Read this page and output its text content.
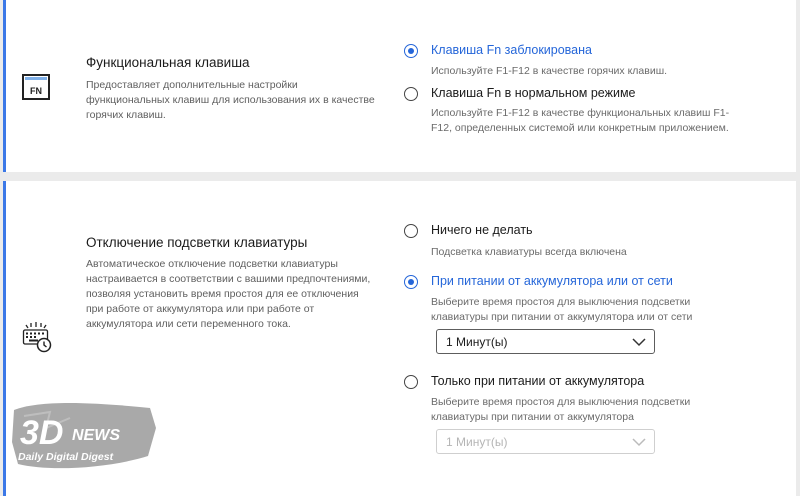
FN
Функциональная клавиша
Предоставляет дополнительные настройки функциональных клавиш для использования их в качестве горячих клавиш.
Клавиша Fn заблокирована
Используйте F1-F12 в качестве горячих клавиш.
Клавиша Fn в нормальном режиме
Используйте F1-F12 в качестве функциональных клавиш F1-F12, определенных системой или конкретным приложением.
Отключение подсветки клавиатуры
Автоматическое отключение подсветки клавиатуры настраивается в соответствии с вашими предпочтениями, позволяя установить время простоя для ее отключения при работе от аккумулятора или при работе от аккумулятора или сети переменного тока.
Ничего не делать
Подсветка клавиатуры всегда включена
При питании от аккумулятора или от сети
Выберите время простоя для выключения подсветки клавиатуры при питании от аккумулятора или от сети
1 Минут(ы)
Только при питании от аккумулятора
Выберите время простоя для выключения подсветки клавиатуры при питании от аккумулятора
1 Минут(ы)
3D NEWS
Daily Digital Digest
